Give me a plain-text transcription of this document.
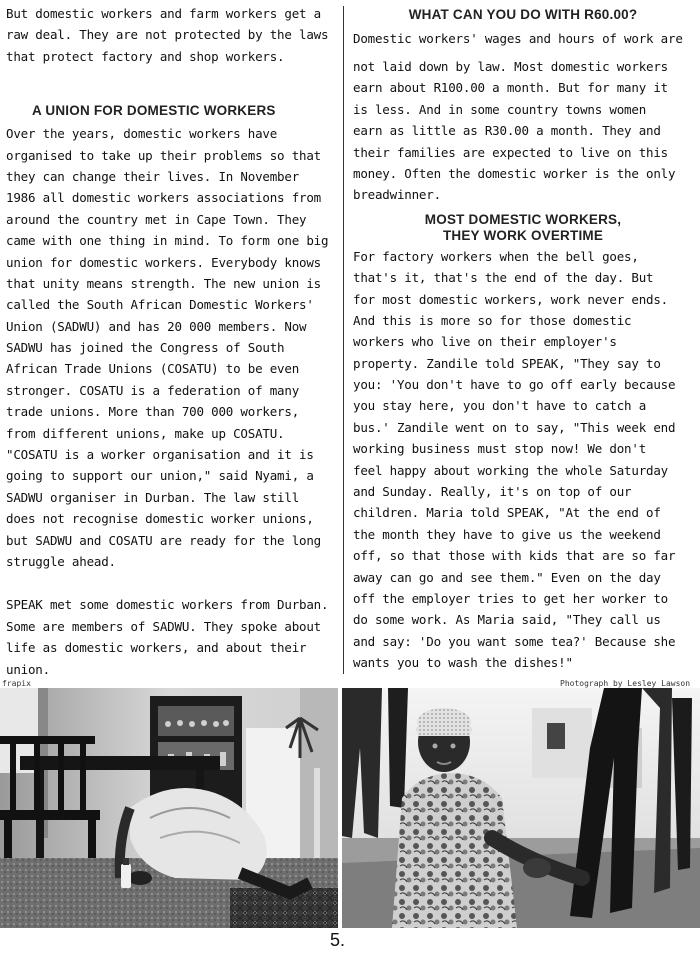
But domestic workers and farm workers get a

raw deal. They are not protected by the laws

that protect factory and shop workers.

A UNION FOR DOMESTIC WORKERS

Over the years, domestic workers have

organised to take up their problems so that

they can change their lives. In November

1986 all domestic workers associations from

around the country met in Cape Town. They

came with one thing in mind. To form one big

union for domestic workers. Everybody knows

that unity means strength. The new union is

called the South African Domestic Workers'

Union (SADWU) and has 20 000 members. Now

SADWU has joined the Congress of South

African Trade Unions (COSATU) to be even

stronger. COSATU is a federation of many

trade unions. More than 700 000 workers,

from different unions, make up COSATU.

"COSATU is a worker organisation and it is

going to support our union," said Nyami, a

SADWU organiser in Durban. The law still

does not recognise domestic worker unions,

but SADWU and COSATU are ready for the long

struggle ahead.

SPEAK met some domestic workers from Durban.

Some are members of SADWU. They spoke about

life as domestic workers, and about their

union.

WHAT CAN YOU DO WITH R60.00?

Domestic workers' wages and hours of work are

not laid down by law. Most domestic workers

earn about R100.00 a month. But for many it

is less. And in some country towns women

earn as little as R30.00 a month. They and

their families are expected to live on this

money. Often the domestic worker is the only

breadwinner.

MOST DOMESTIC WORKERS,

THEY WORK OVERTIME

For factory workers when the bell goes,

that's it, that's the end of the day. But

for most domestic workers, work never ends.

And this is more so for those domestic

workers who live on their employer's

property. Zandile told SPEAK, "They say to

you: 'You don't have to go off early because

you stay here, you don't have to catch a

bus.' Zandile went on to say, "This week end

working business must stop now! We don't

feel happy about working the whole Saturday

and Sunday. Really, it's on top of our

children. Maria told SPEAK, "At the end of

the month they have to give us the weekend

off, so that those with kids that are so far

away can go and see them." Even on the day

off the employer tries to get her worker to

do some work. As Maria said, "They call us

and say: 'Do you want some tea?' Because she

wants you to wash the dishes!"

frapix	Photograph by Lesley Lawson
5.
